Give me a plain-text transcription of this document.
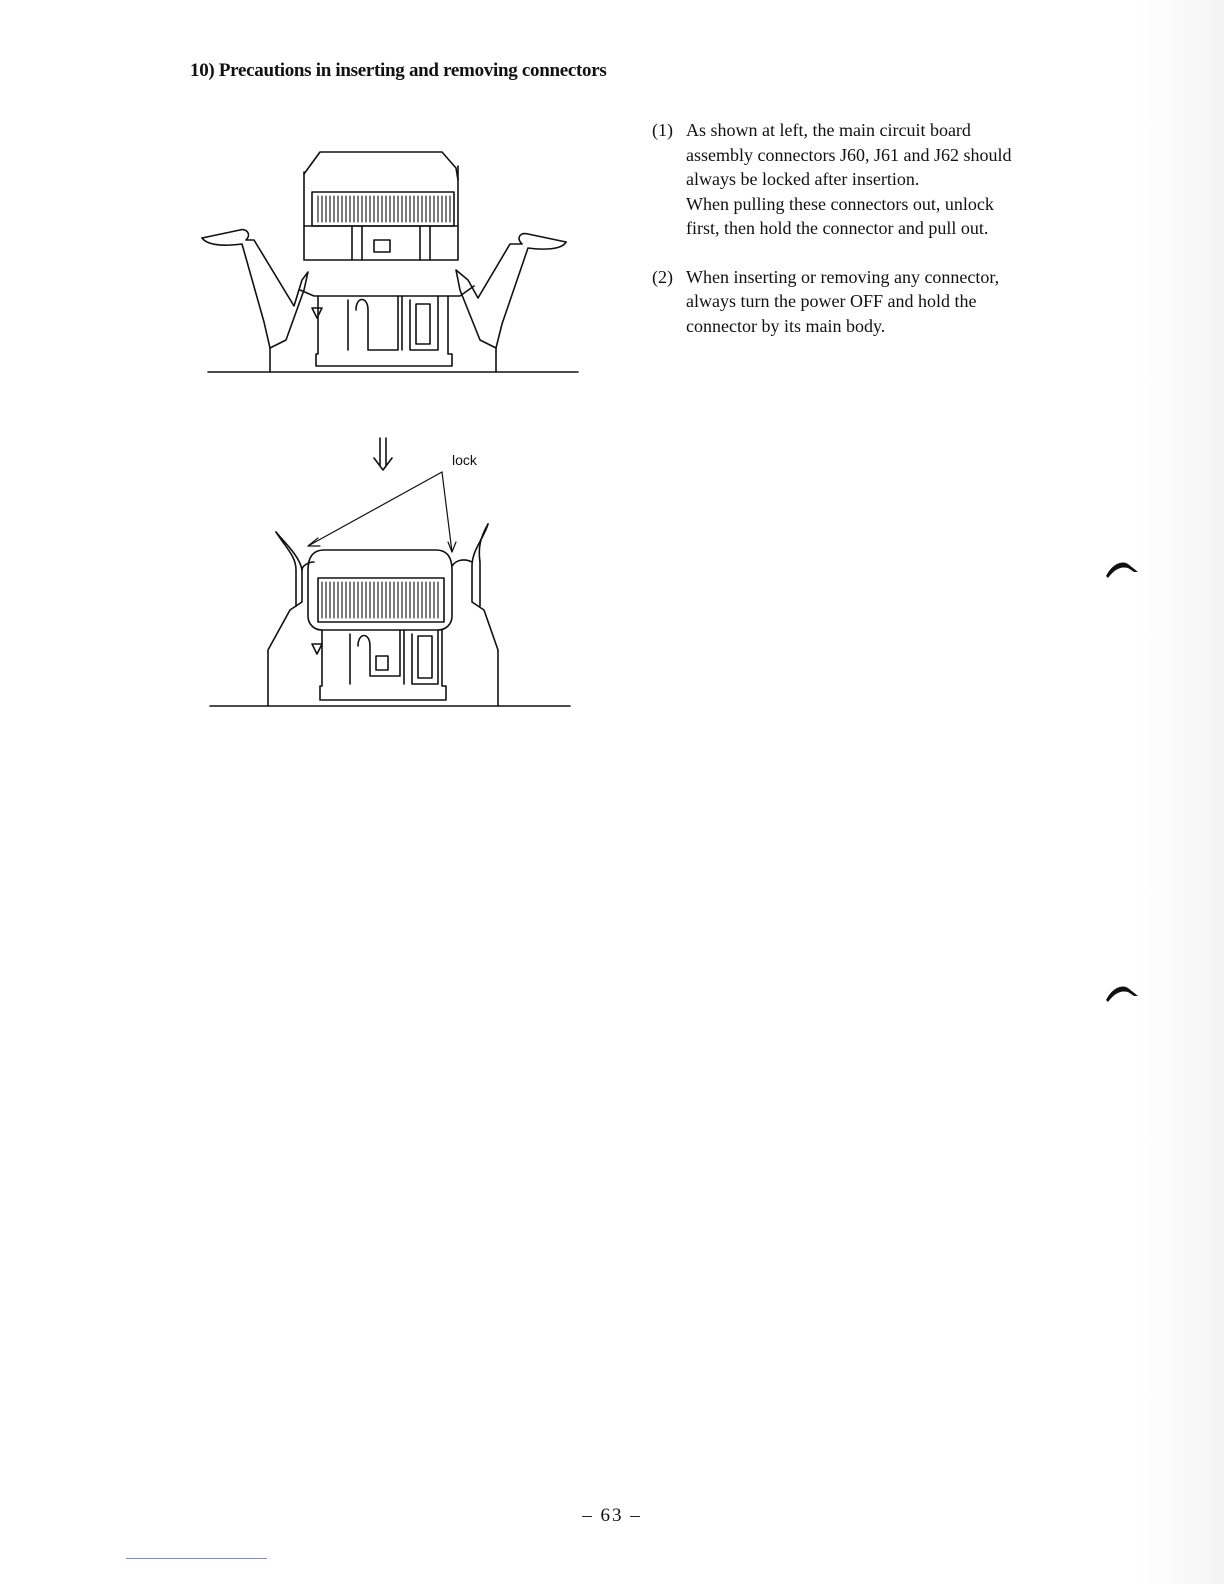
10) Precautions in inserting and removing connectors
lock
(1) As shown at left, the main circuit board
assembly connectors J60, J61 and J62 should
always be locked after insertion.
When pulling these connectors out, unlock
first, then hold the connector and pull out.
(2) When inserting or removing any connector,
always turn the power OFF and hold the
connector by its main body.
– 63 –
